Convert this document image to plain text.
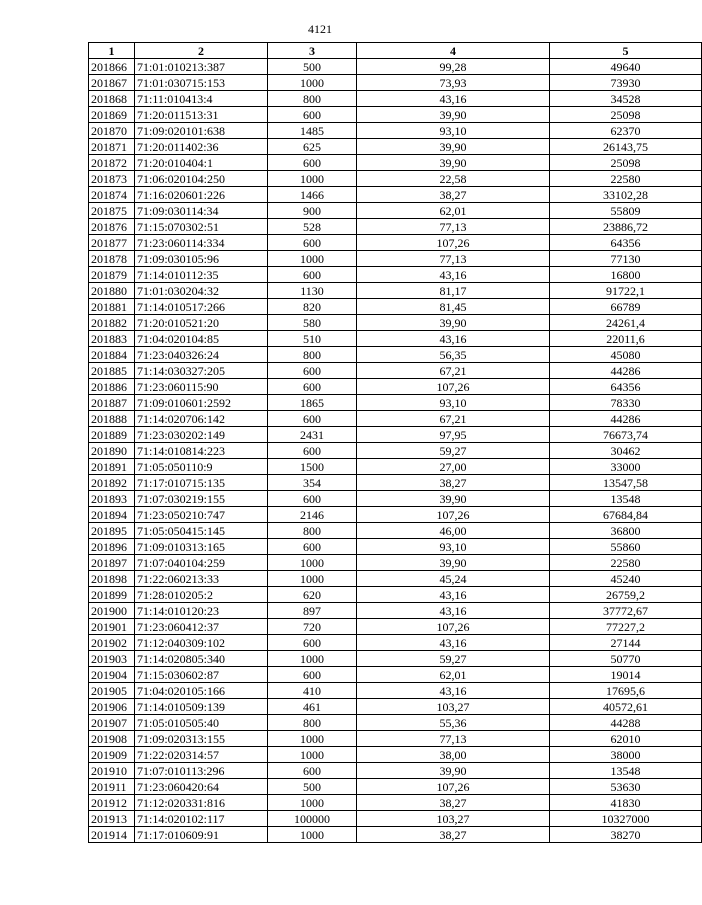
4121
1	2	3	4	5
201866	71:01:010213:387	500	99,28	49640
201867	71:01:030715:153	1000	73,93	73930
201868	71:11:010413:4	800	43,16	34528
201869	71:20:011513:31	600	39,90	25098
201870	71:09:020101:638	1485	93,10	62370
201871	71:20:011402:36	625	39,90	26143,75
201872	71:20:010404:1	600	39,90	25098
201873	71:06:020104:250	1000	22,58	22580
201874	71:16:020601:226	1466	38,27	33102,28
201875	71:09:030114:34	900	62,01	55809
201876	71:15:070302:51	528	77,13	23886,72
201877	71:23:060114:334	600	107,26	64356
201878	71:09:030105:96	1000	77,13	77130
201879	71:14:010112:35	600	43,16	16800
201880	71:01:030204:32	1130	81,17	91722,1
201881	71:14:010517:266	820	81,45	66789
201882	71:20:010521:20	580	39,90	24261,4
201883	71:04:020104:85	510	43,16	22011,6
201884	71:23:040326:24	800	56,35	45080
201885	71:14:030327:205	600	67,21	44286
201886	71:23:060115:90	600	107,26	64356
201887	71:09:010601:2592	1865	93,10	78330
201888	71:14:020706:142	600	67,21	44286
201889	71:23:030202:149	2431	97,95	76673,74
201890	71:14:010814:223	600	59,27	30462
201891	71:05:050110:9	1500	27,00	33000
201892	71:17:010715:135	354	38,27	13547,58
201893	71:07:030219:155	600	39,90	13548
201894	71:23:050210:747	2146	107,26	67684,84
201895	71:05:050415:145	800	46,00	36800
201896	71:09:010313:165	600	93,10	55860
201897	71:07:040104:259	1000	39,90	22580
201898	71:22:060213:33	1000	45,24	45240
201899	71:28:010205:2	620	43,16	26759,2
201900	71:14:010120:23	897	43,16	37772,67
201901	71:23:060412:37	720	107,26	77227,2
201902	71:12:040309:102	600	43,16	27144
201903	71:14:020805:340	1000	59,27	50770
201904	71:15:030602:87	600	62,01	19014
201905	71:04:020105:166	410	43,16	17695,6
201906	71:14:010509:139	461	103,27	40572,61
201907	71:05:010505:40	800	55,36	44288
201908	71:09:020313:155	1000	77,13	62010
201909	71:22:020314:57	1000	38,00	38000
201910	71:07:010113:296	600	39,90	13548
201911	71:23:060420:64	500	107,26	53630
201912	71:12:020331:816	1000	38,27	41830
201913	71:14:020102:117	100000	103,27	10327000
201914	71:17:010609:91	1000	38,27	38270
